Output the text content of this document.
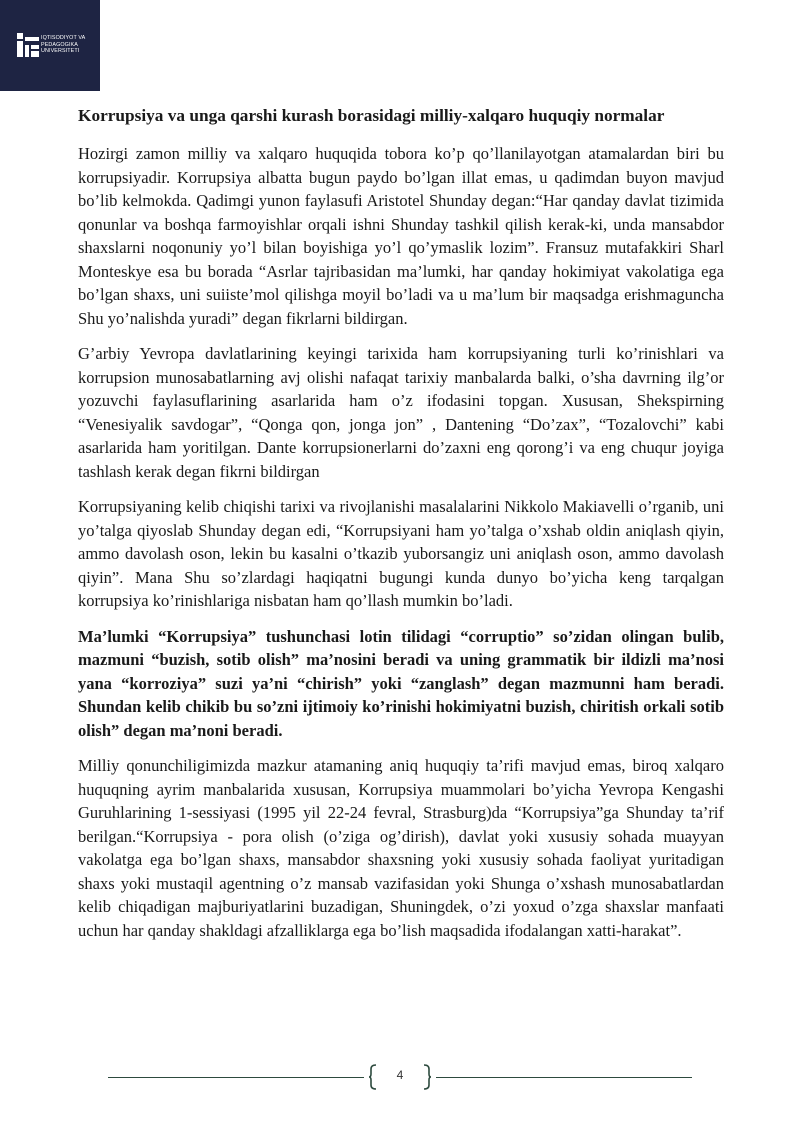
IQTISODIYOT VA
PEDAGOGIKA
UNIVERSITETI
Korrupsiya va unga qarshi kurash borasidagi milliy-xalqaro huquqiy normalar

Hozirgi zamon milliy va xalqaro huquqida tobora ko’p qo’llanilayotgan atamalardan biri bu korrupsiyadir. Korrupsiya albatta bugun paydo bo’lgan illat emas, u qadimdan buyon mavjud bo’lib kelmokda. Qadimgi yunon faylasufi Aristotel Shunday degan:“Har qanday davlat tizimida qonunlar va boshqa farmoyishlar orqali ishni Shunday tashkil qilish kerak-ki, unda mansabdor shaxslarni noqonuniy yo’l bilan boyishiga yo’l qo’ymaslik lozim”. Fransuz mutafakkiri Sharl Monteskye esa bu borada “Asrlar tajribasidan ma’lumki, har qanday hokimiyat vakolatiga ega bo’lgan shaxs, uni suiiste’mol qilishga moyil bo’ladi va u ma’lum bir maqsadga erishmaguncha Shu yo’nalishda yuradi” degan fikrlarni bildirgan.

G’arbiy Yevropa davlatlarining keyingi tarixida ham korrupsiyaning turli ko’rinishlari va korrupsion munosabatlarning avj olishi nafaqat tarixiy manbalarda balki, o’sha davrning ilg’or yozuvchi faylasuflarining asarlarida ham o’z ifodasini topgan. Xususan, Shekspirning “Venesiyalik savdogar”, “Qonga qon, jonga jon” , Dantening “Do’zax”, “Tozalovchi” kabi asarlarida ham yoritilgan. Dante korrupsionerlarni do’zaxni eng qorong’i va eng chuqur joyiga tashlash kerak degan fikrni bildirgan

Korrupsiyaning kelib chiqishi tarixi va rivojlanishi masalalarini Nikkolo Makiavelli o’rganib, uni yo’talga qiyoslab Shunday degan edi, “Korrupsiyani ham yo’talga o’xshab oldin aniqlash qiyin, ammo davolash oson, lekin bu kasalni o’tkazib yuborsangiz uni aniqlash oson, ammo davolash qiyin”. Mana Shu so’zlardagi haqiqatni bugungi kunda dunyo bo’yicha keng tarqalgan korrupsiya ko’rinishlariga nisbatan ham qo’llash mumkin bo’ladi.

Ma’lumki “Korrupsiya” tushunchasi lotin tilidagi “corruptio” so’zidan olingan bulib, mazmuni “buzish, sotib olish” ma’nosini beradi va uning grammatik bir ildizli ma’nosi yana “korroziya” suzi ya’ni “chirish” yoki “zanglash” degan mazmunni ham beradi. Shundan kelib chikib bu so’zni ijtimoiy ko’rinishi hokimiyatni buzish, chiritish orkali sotib olish” degan ma’noni beradi.

Milliy qonunchiligimizda mazkur atamaning aniq huquqiy ta’rifi mavjud emas, biroq xalqaro huquqning ayrim manbalarida xususan, Korrupsiya muammolari bo’yicha Yevropa Kengashi Guruhlarining 1-sessiyasi (1995 yil 22-24 fevral, Strasburg)da “Korrupsiya”ga Shunday ta’rif berilgan.“Korrupsiya - pora olish (o’ziga og’dirish), davlat yoki xususiy sohada muayyan vakolatga ega bo’lgan shaxs, mansabdor shaxsning yoki xususiy sohada faoliyat yuritadigan shaxs yoki mustaqil agentning o’z mansab vazifasidan yoki Shunga o’xshash munosabatlardan kelib chiqadigan majburiyatlarini buzadigan, Shuningdek, o’zi yoxud o’zga shaxslar manfaati uchun har qanday shakldagi afzalliklarga ega bo’lish maqsadida ifodalangan xatti-harakat”.

4
